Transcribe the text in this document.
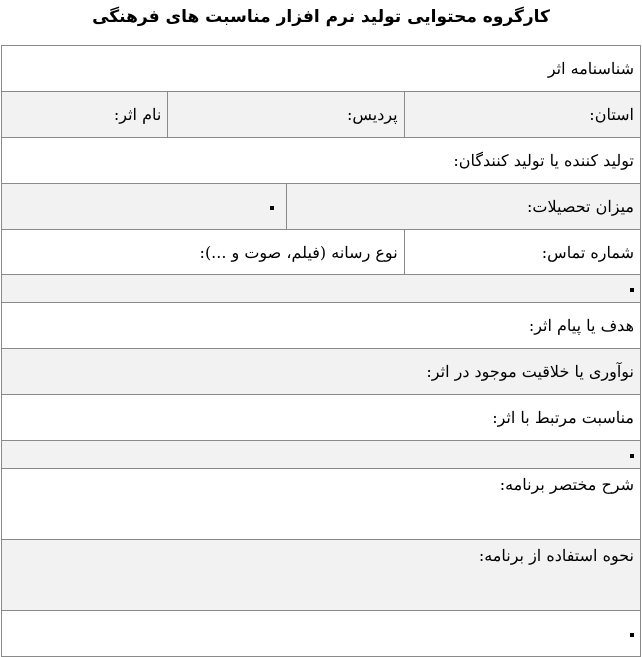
کارگروه محتوایی تولید نرم افزار مناسبت های فرهنگی
شناسنامه اثر			
استان:	پردیس:		نام اثر:
تولید کننده یا تولید کنندگان:			
میزان تحصیلات:			
شماره تماس:	نوع رسانه (فیلم، صوت و ...):		

هدف یا پیام اثر:			
نوآوری یا خلاقیت موجود در اثر:			
مناسبت مرتبط با اثر:			

شرح مختصر برنامه:			
نحوه استفاده از برنامه:			
